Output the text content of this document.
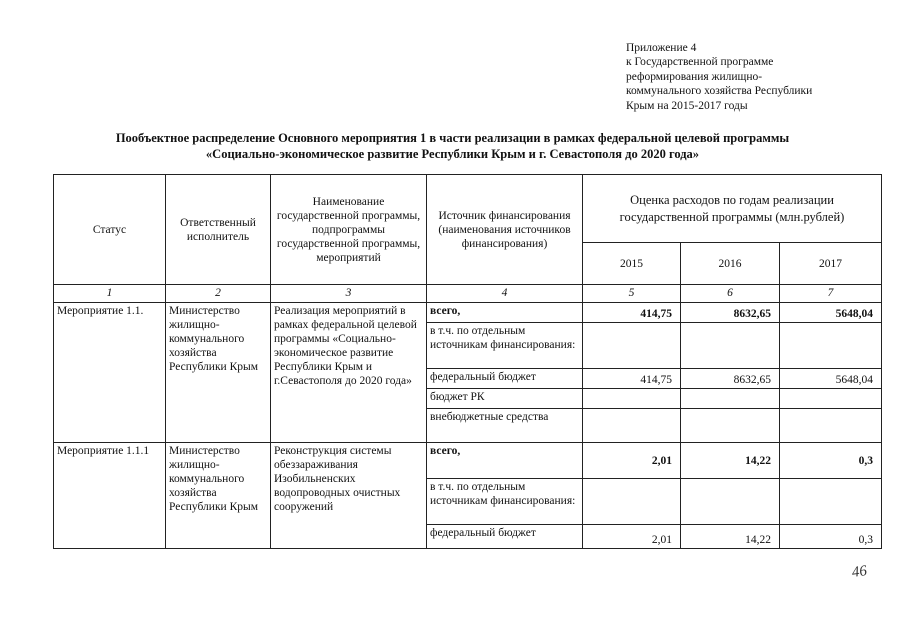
Приложение 4
к Государственной программе
реформирования жилищно-
коммунального хозяйства Республики
Крым на 2015-2017 годы
Пообъектное распределение Основного мероприятия 1 в части реализации в рамках федеральной целевой программы
«Социально-экономическое развитие Республики Крым и г. Севастополя до 2020 года»
Статус	Ответственный исполнитель	Наименование государственной программы, подпрограммы государственной программы, мероприятий	Источник финансирования (наименования источников финансирования)	Оценка расходов по годам реализации государственной программы (млн.рублей)		
				2015	2016	2017
1	2	3	4	5	6	7
Мероприятие 1.1.	Министерство жилищно-коммунального хозяйства Республики Крым	Реализация мероприятий в рамках федеральной целевой программы «Социально-экономическое развитие Республики Крым и г.Севастополя до 2020 года»	всего,	414,75	8632,65	5648,04
			в т.ч. по отдельным источникам финансирования:			
			федеральный бюджет	414,75	8632,65	5648,04
			бюджет РК			
			внебюджетные средства			
Мероприятие 1.1.1	Министерство жилищно-коммунального хозяйства Республики Крым	Реконструкция системы обеззараживания Изобильненских водопроводных очистных сооружений	всего,	2,01	14,22	0,3
			в т.ч. по отдельным источникам финансирования:			
			федеральный бюджет	2,01	14,22	0,3
46
